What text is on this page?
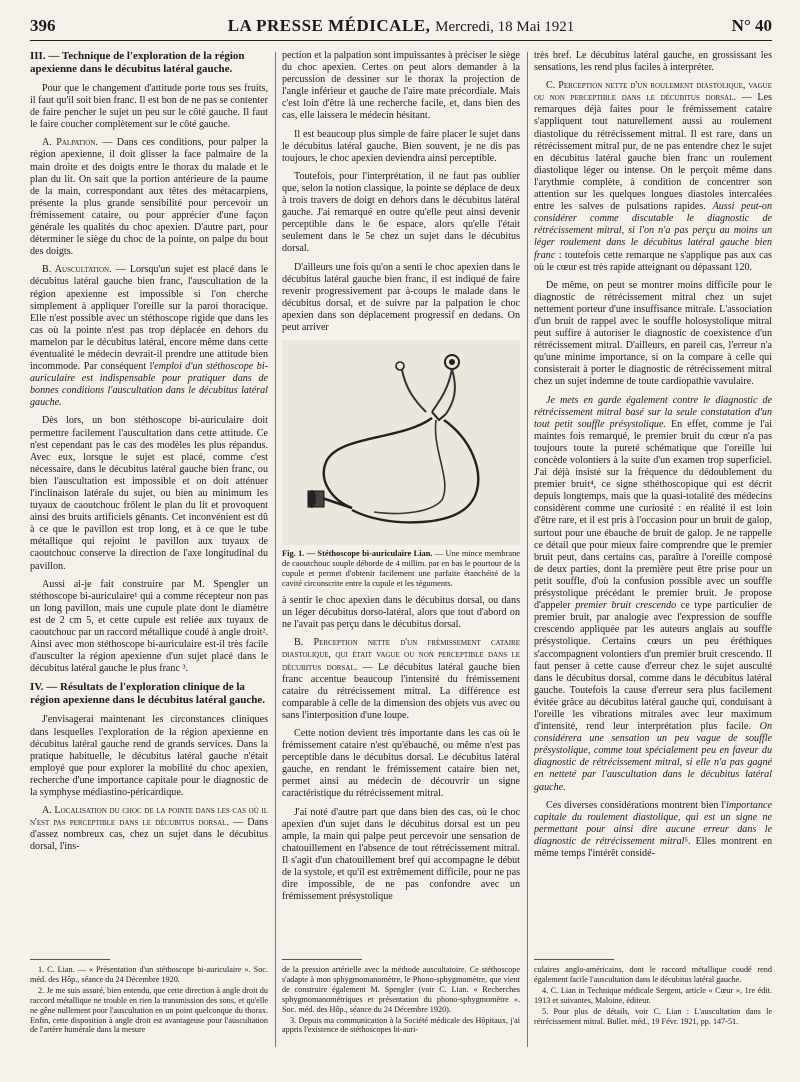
396	LA PRESSE MÉDICALE, Mercredi, 18 Mai 1921	N° 40
III. — Technique de l'exploration de la région apexienne dans le décubitus latéral gauche.

Pour que le changement d'attitude porte tous ses fruits, il faut qu'il soit bien franc. Il est bon de ne pas se contenter de faire pencher le sujet un peu sur le côté gauche. Il faut le faire coucher complètement sur le côté gauche.

A. Palpation. — Dans ces conditions, pour palper la région apexienne, il doit glisser la face palmaire de la main droite et des doigts entre le thorax du malade et le plan du lit. On sait que la portion antérieure de la paume de la main, correspondant aux têtes des métacarpiens, présente la plus grande sensibilité pour percevoir un frémissement cataire, ou pour apprécier d'une façon générale les qualités du choc apexien. D'autre part, pour déterminer le siège du choc de la pointe, on palpe du bout des doigts.

B. Auscultation. — Lorsqu'un sujet est placé dans le décubitus latéral gauche bien franc, l'auscultation de la région apexienne est impossible si l'on cherche simplement à appliquer l'oreille sur la paroi thoracique. Elle n'est possible avec un stéthoscope rigide que dans les cas où la pointe n'est pas trop déplacée en dehors du mamelon par le décubitus latéral, encore même dans cette éventualité le médecin devrait-il prendre une attitude bien incommode. Par conséquent l'emploi d'un stéthoscope bi-auriculaire est indispensable pour pratiquer dans de bonnes conditions l'auscultation dans le décubitus latéral gauche.

Dès lors, un bon stéthoscope bi-auriculaire doit permettre facilement l'auscultation dans cette attitude. Ce n'est cependant pas le cas des modèles les plus répandus. Avec eux, lorsque le sujet est placé, comme c'est nécessaire, dans le décubitus latéral gauche bien franc, ou bien l'auscultation est impossible et on doit atténuer l'inclinaison latérale du sujet, ou bien au minimum les tuyaux de caoutchouc frôlent le plan du lit et provoquent ainsi des bruits artificiels gênants. Cet inconvénient est dû à ce que le pavillon est trop long, et à ce que le tube métallique qui rejoint le pavillon aux tuyaux de caoutchouc conserve la direction de l'axe longitudinal du pavillon.

Aussi ai-je fait construire par M. Spengler un stéthoscope bi-auriculaire¹ qui a comme récepteur non pas un long pavillon, mais une cupule plate dont le diamètre est de 2 cm 5, et cette cupule est reliée aux tuyaux de caoutchouc par un raccord métallique coudé à angle droit². Ainsi avec mon stéthoscope bi-auriculaire est-il très facile d'ausculter la région apexienne d'un sujet placé dans le décubitus latéral gauche le plus franc ³.

IV. — Résultats de l'exploration clinique de la région apexienne dans le décubitus latéral gauche.

J'envisagerai maintenant les circonstances cliniques dans lesquelles l'exploration de la région apexienne en décubitus latéral gauche rend de grands services. Dans la pratique habituelle, le décubitus latéral gauche n'était employé que pour explorer la mobilité du choc apexien, recherche d'une importance capitale pour le diagnostic de la symphyse médiastino-péricardique.

A. Localisation du choc de la pointe dans les cas où il n'est pas perceptible dans le décubitus dorsal. — Dans d'assez nombreux cas, chez un sujet dans le décubitus dorsal, l'ins-

pection et la palpation sont impuissantes à préciser le siège du choc apexien. Certes on peut alors demander à la percussion de dessiner sur le thorax la projection de l'angle inférieur et gauche de l'aire mate précordiale. Mais c'est loin d'être là une recherche facile, et, dans bien des cas, elle laissera le médecin hésitant.

Il est beaucoup plus simple de faire placer le sujet dans le décubitus latéral gauche. Bien souvent, je ne dis pas toujours, le choc apexien deviendra ainsi perceptible.

Toutefois, pour l'interprétation, il ne faut pas oublier que, selon la notion classique, la pointe se déplace de deux à trois travers de doigt en dehors dans le décubitus latéral gauche. J'ai remarqué en outre qu'elle peut ainsi devenir perceptible dans le 6e espace, alors qu'elle l'était seulement dans le 5e chez un sujet dans le décubitus dorsal.

D'ailleurs une fois qu'on a senti le choc apexien dans le décubitus latéral gauche bien franc, il est indiqué de faire revenir progressivement par à-coups le malade dans le décubitus dorsal, et de suivre par la palpation le choc apexien dans son déplacement progressif en dedans. On peut arriver

Fig. 1. — Stéthoscope bi-auriculaire Lian. — Une mince membrane de caoutchouc souple déborde de 4 millim. par en bas le pourtour de la cupule et permet d'obtenir facilement une parfaite étanchéité de la cavité circonscrite entre la cupule et les téguments.

à sentir le choc apexien dans le décubitus dorsal, ou dans un léger décubitus dorso-latéral, alors que tout d'abord on ne l'avait pas perçu dans le décubitus dorsal.

B. Perception nette d'un frémissement cataire diastolique, qui était vague ou non perceptible dans le décubitus dorsal. — Le décubitus latéral gauche bien franc accentue beaucoup l'intensité du frémissement cataire du rétrécissement mitral. La différence est comparable à celle de la dimension des objets vus avec ou sans l'interposition d'une loupe.

Cette notion devient très importante dans les cas où le frémissement cataire n'est qu'ébauché, ou même n'est pas perceptible dans le décubitus dorsal. Le décubitus latéral gauche, en rendant le frémissement cataire bien net, permet ainsi au médecin de découvrir un signe caractéristique du rétrécissement mitral.

J'ai noté d'autre part que dans bien des cas, où le choc apexien d'un sujet dans le décubitus dorsal est un peu ample, la main qui palpe peut percevoir une sensation de chatouillement en l'absence de tout rétrécissement mitral. Il s'agit d'un chatouillement bref qui accompagne le début de la systole, et qu'il est extrêmement difficile, pour ne pas dire impossible, de ne pas confondre avec un frémissement présystolique

très bref. Le décubitus latéral gauche, en grossissant les sensations, les rend plus faciles à interpréter.

C. Perception nette d'un roulement diastolique, vague ou non perceptible dans le décubitus dorsal. — Les remarques déjà faites pour le frémissement cataire s'appliquent tout naturellement aussi au roulement diastolique du rétrécissement mitral. Il est rare, dans un rétrécissement mitral pur, de ne pas entendre chez le sujet en décubitus latéral gauche bien franc un roulement diastolique léger ou intense. On le perçoit même dans l'arythmie complète, à condition de concentrer son attention sur les quelques longues diastoles intercalées entre les salves de pulsations rapides. Aussi peut-on considérer comme discutable le diagnostic de rétrécissement mitral, si l'on n'a pas perçu au moins un léger roulement dans le décubitus latéral gauche bien franc : toutefois cette remarque ne s'applique pas aux cas où le cœur est très rapide atteignant ou dépassant 120.

De même, on peut se montrer moins difficile pour le diagnostic de rétrécissement mitral chez un sujet nettement porteur d'une insuffisance mitrale. L'association d'un bruit de rappel avec le souffle holosystolique mitral peut suffire à autoriser le diagnostic de coexistence d'un rétrécissement mitral. D'ailleurs, en pareil cas, l'erreur n'a qu'une minime importance, si on la compare à celle qui consisterait à porter le diagnostic de rétrécissement mitral chez un sujet indemne de toute cardiopathie vavulaire.

Je mets en garde également contre le diagnostic de rétrécissement mitral basé sur la seule constatation d'un tout petit souffle présystolique. En effet, comme je l'ai maintes fois remarqué, le premier bruit du cœur n'a pas toujours toute la pureté schématique que l'oreille lui concède volontiers à la suite d'un examen trop superficiel. J'ai déjà insisté sur la fréquence du dédoublement du premier bruit⁴, ce signe sthéthoscopique qui est décrit depuis longtemps, mais que la quasi-totalité des médecins considèrent comme une curiosité : en réalité il est loin d'être rare, et il est pris à l'occasion pour un bruit de galop, surtout pour une ébauche de bruit de galop. Je ne rappelle ce détail que pour mieux faire comprendre que le premier bruit peut, dans certains cas, paraître à l'oreille composé de deux parties, dont la première peut être prise pour un petit souffle, d'où la confusion possible avec un souffle présystolique précédant le premier bruit. Je propose d'appeler premier bruit crescendo ce type particulier de premier bruit, par analogie avec l'expression de souffle crescendo appliquée par les auteurs anglais au souffle présystolique. Certains cœurs un peu éréthiques s'accompagnent volontiers d'un premier bruit crescendo. Il faut penser à cette cause d'erreur chez le sujet ausculté dans le décubitus dorsal, comme dans le décubitus latéral gauche. Toutefois la cause d'erreur sera plus facilement évitée grâce au décubitus latéral gauche qui, conduisant à l'oreille les vibrations mitrales avec leur maximum d'intensité, rend leur interprétation plus facile. On considérera une sensation un peu vague de souffle présystolique, comme tout spécialement peu en faveur du diagnostic de rétrécissement mitral, si elle n'a pas gagné en netteté par l'auscultation dans le décubitus latéral gauche.

Ces diverses considérations montrent bien l'importance capitale du roulement diastolique, qui est un signe ne permettant pour ainsi dire aucune erreur dans le diagnostic de rétrécissement mitral⁵. Elles montrent en même temps l'intérêt considé-

1. C. Lian. — « Présentation d'un stéthoscope bi-auriculaire ». Soc. méd. des Hôp., séance du 24 Décembre 1920.

2. Je me suis assuré, bien entendu, que cette direction à angle droit du raccord métallique ne trouble en rien la transmission des sons, et qu'elle ne gêne nullement pour l'auscultation en un point quelconque du thorax. Enfin, cette disposition à angle droit est avantageuse pour l'auscultation de l'artère humérale dans la mesure

de la pression artérielle avec la méthode auscultatoire. Ce stéthoscope s'adapte à mon sphygmomanomètre, le Phono-sphygmomètre, que vient de construire également M. Spengler (voir C. Lian. « Recherches sphygmomanométriques et présentation du phono-sphygmomètre ». Soc. méd. des Hôp., séance du 24 Décembre 1920).

3. Depuis ma communication à la Société médicale des Hôpitaux, j'ai appris l'existence de stéthoscopes bi-auri-

culaires anglo-américains, dont le raccord métallique coudé rend également facile l'auscultation dans le décubitus latéral gauche.

4. C. Lian in Technique médicale Sergent, article « Cœur », 1re édit. 1913 et suivantes, Maloine, éditeur.

5. Pour plus de détails, voir C. Lian : L'auscultation dans le rétrécissement mitral. Bullet. méd., 19 Févr. 1921, pp. 147-51.
